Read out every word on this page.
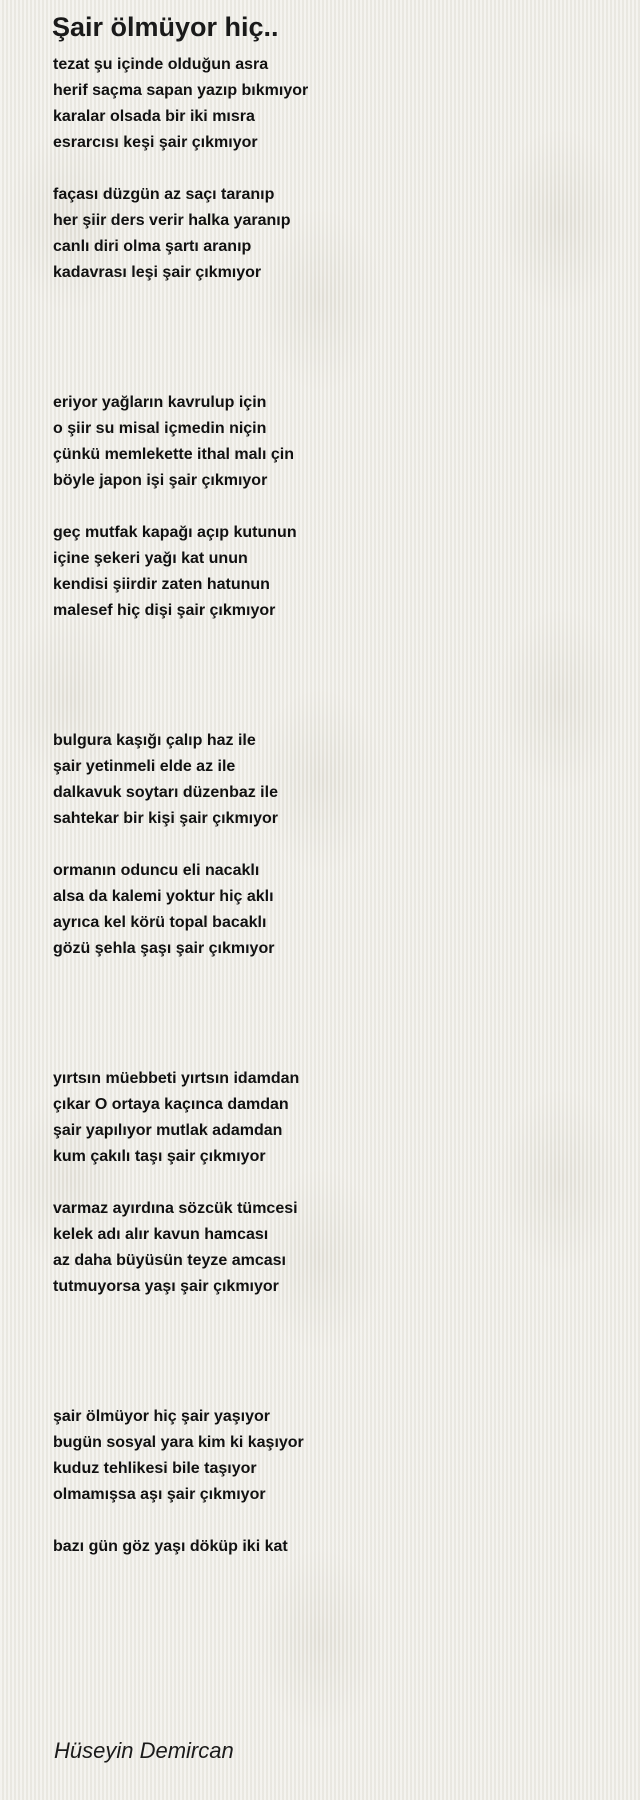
Şair ölmüyor hiç..
tezat şu içinde olduğun asra
herif saçma sapan yazıp bıkmıyor
karalar olsada bir iki mısra
esrarcısı keşi şair çıkmıyor
façası düzgün az saçı taranıp
her şiir ders verir halka yaranıp
canlı diri olma şartı aranıp
kadavrası leşi şair çıkmıyor
eriyor yağların kavrulup için
o şiir su misal içmedin niçin
çünkü memlekette ithal malı çin
böyle japon işi şair çıkmıyor
geç mutfak kapağı açıp kutunun
içine şekeri yağı kat unun
kendisi şiirdir zaten hatunun
malesef hiç dişi şair çıkmıyor
bulgura kaşığı çalıp haz ile
şair yetinmeli elde az ile
dalkavuk soytarı düzenbaz ile
sahtekar bir kişi şair çıkmıyor
ormanın oduncu eli nacaklı
alsa da kalemi yoktur hiç aklı
ayrıca kel körü topal bacaklı
gözü şehla şaşı şair çıkmıyor
yırtsın müebbeti yırtsın idamdan
çıkar O ortaya kaçınca damdan
şair yapılıyor mutlak adamdan
kum çakılı taşı şair çıkmıyor
varmaz ayırdına sözcük tümcesi
kelek adı alır kavun hamcası
az daha büyüsün teyze amcası
tutmuyorsa yaşı şair çıkmıyor
şair ölmüyor hiç şair yaşıyor
bugün sosyal yara kim ki kaşıyor
kuduz tehlikesi bile taşıyor
olmamışsa aşı şair çıkmıyor
bazı gün göz yaşı döküp iki kat

Hüseyin Demircan
